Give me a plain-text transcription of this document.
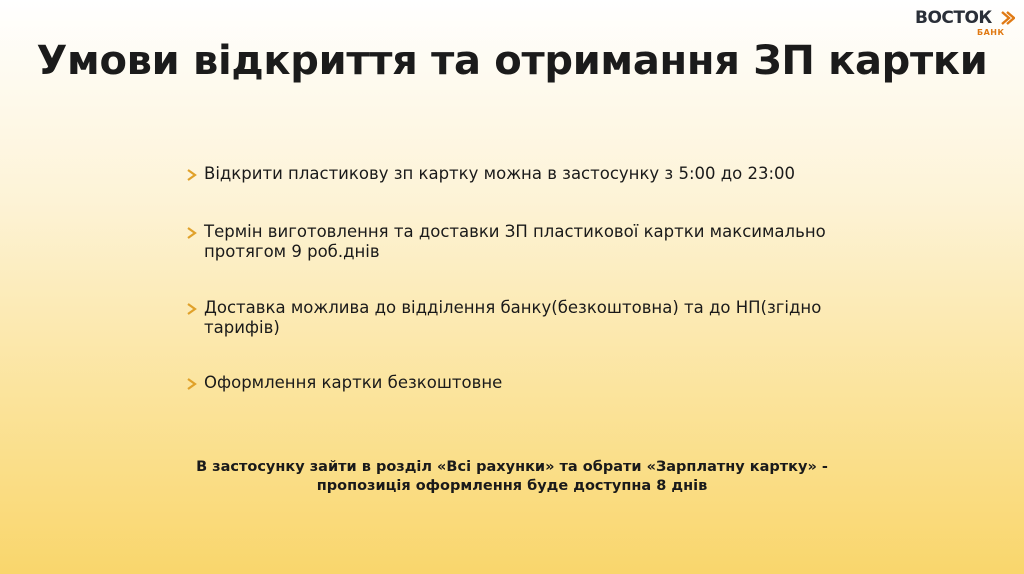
ВОСТОК
БАНК
Умови відкриття та отримання ЗП картки
Відкрити пластикову зп картку можна в застосунку з 5:00 до 23:00
Термін виготовлення та доставки ЗП пластикової картки максимально протягом 9 роб.днів
Доставка можлива до відділення банку(безкоштовна) та до НП(згідно тарифів)
Оформлення картки безкоштовне
В застосунку зайти в розділ «Всі рахунки» та обрати «Зарплатну картку» -
пропозиція оформлення буде доступна 8 днів
